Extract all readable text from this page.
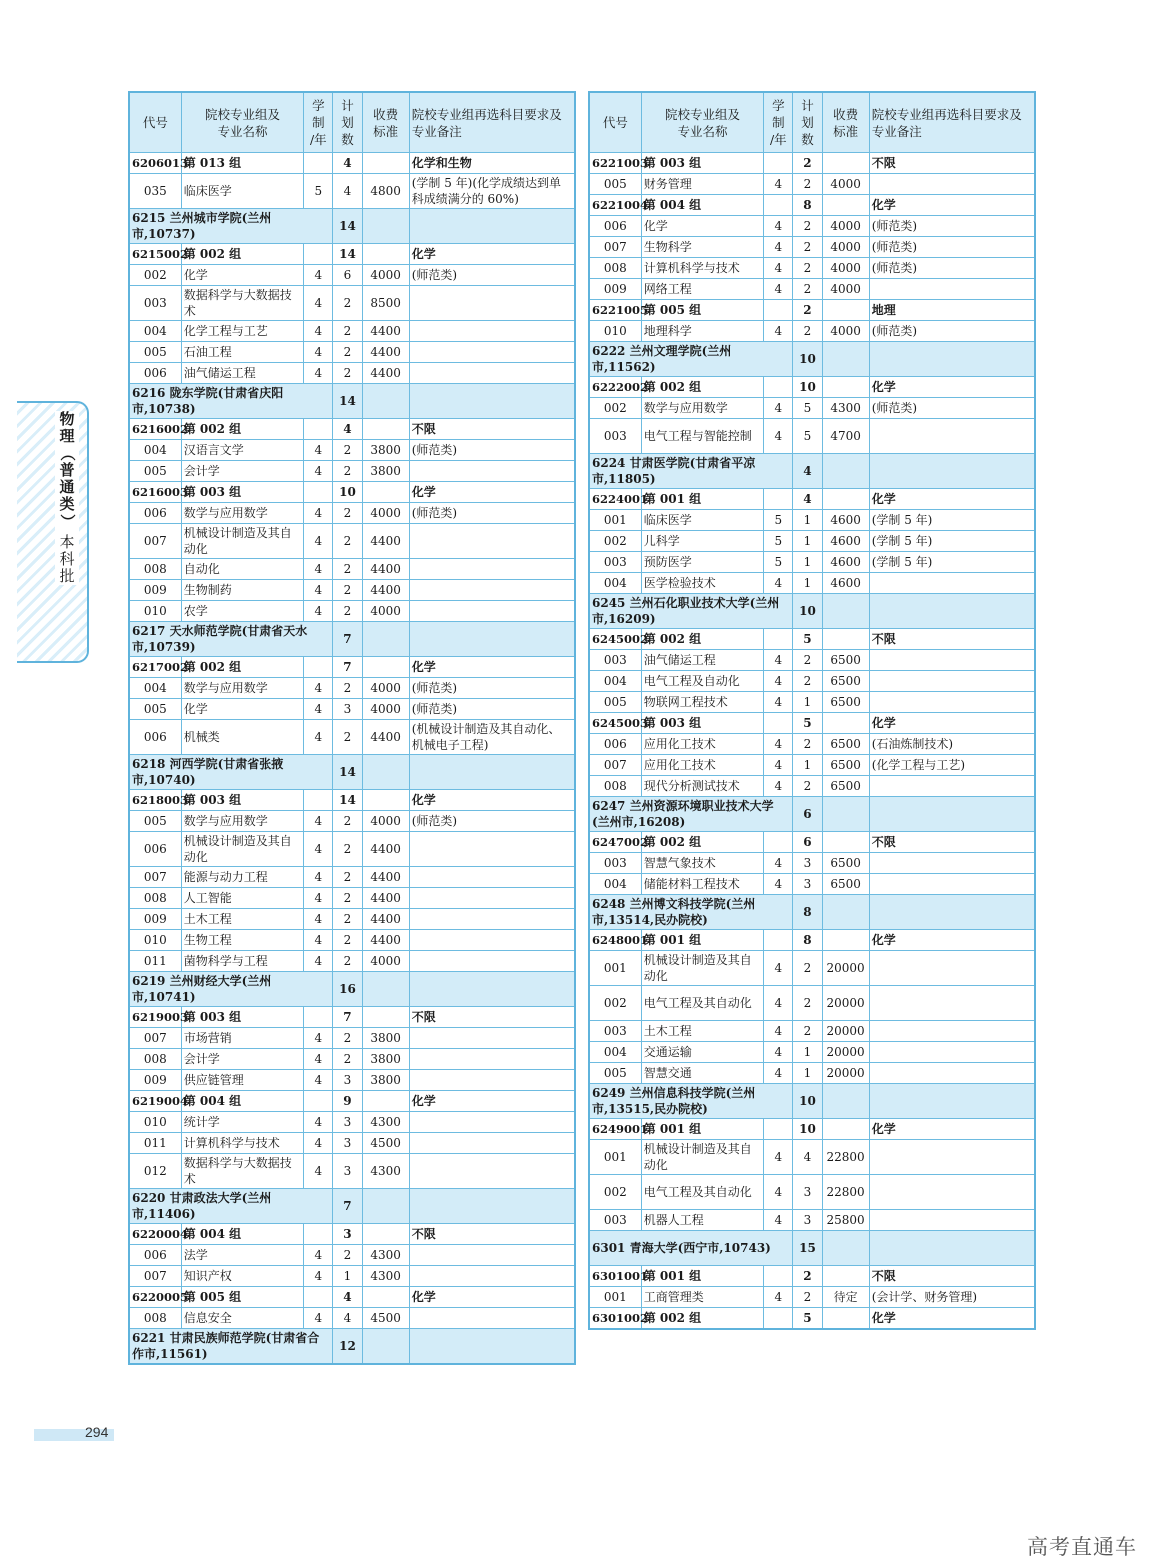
代号	院校专业组及
专业名称	学
制
/年	计
划
数	收费
标准	院校专业组再选科目要求及
专业备注
6206013	第 013 组		4		化学和生物
035	临床医学	5	4	4800	(学制 5 年)(化学成绩达到单科成绩满分的 60%)
6215 兰州城市学院(兰州市,10737)			14		
6215002	第 002 组		14		化学
002	化学	4	6	4000	(师范类)
003	数据科学与大数据技术	4	2	8500	
004	化学工程与工艺	4	2	4400	
005	石油工程	4	2	4400	
006	油气储运工程	4	2	4400	
6216 陇东学院(甘肃省庆阳市,10738)			14		
6216002	第 002 组		4		不限
004	汉语言文学	4	2	3800	(师范类)
005	会计学	4	2	3800	
6216003	第 003 组		10		化学
006	数学与应用数学	4	2	4000	(师范类)
007	机械设计制造及其自动化	4	2	4400	
008	自动化	4	2	4400	
009	生物制药	4	2	4400	
010	农学	4	2	4000	
6217 天水师范学院(甘肃省天水市,10739)			7		
6217002	第 002 组		7		化学
004	数学与应用数学	4	2	4000	(师范类)
005	化学	4	3	4000	(师范类)
006	机械类	4	2	4400	(机械设计制造及其自动化、机械电子工程)
6218 河西学院(甘肃省张掖市,10740)			14		
6218003	第 003 组		14		化学
005	数学与应用数学	4	2	4000	(师范类)
006	机械设计制造及其自动化	4	2	4400	
007	能源与动力工程	4	2	4400	
008	人工智能	4	2	4400	
009	土木工程	4	2	4400	
010	生物工程	4	2	4400	
011	菌物科学与工程	4	2	4000	
6219 兰州财经大学(兰州市,10741)			16		
6219003	第 003 组		7		不限
007	市场营销	4	2	3800	
008	会计学	4	2	3800	
009	供应链管理	4	3	3800	
6219004	第 004 组		9		化学
010	统计学	4	3	4300	
011	计算机科学与技术	4	3	4500	
012	数据科学与大数据技术	4	3	4300	
6220 甘肃政法大学(兰州市,11406)			7		
6220004	第 004 组		3		不限
006	法学	4	2	4300	
007	知识产权	4	1	4300	
6220005	第 005 组		4		化学
008	信息安全	4	4	4500	
6221 甘肃民族师范学院(甘肃省合作市,11561)			12		
代号	院校专业组及
专业名称	学
制
/年	计
划
数	收费
标准	院校专业组再选科目要求及
专业备注
6221003	第 003 组		2		不限
005	财务管理	4	2	4000	
6221004	第 004 组		8		化学
006	化学	4	2	4000	(师范类)
007	生物科学	4	2	4000	(师范类)
008	计算机科学与技术	4	2	4000	(师范类)
009	网络工程	4	2	4000	
6221005	第 005 组		2		地理
010	地理科学	4	2	4000	(师范类)
6222 兰州文理学院(兰州市,11562)			10		
6222002	第 002 组		10		化学
002	数学与应用数学	4	5	4300	(师范类)
003	电气工程与智能控制	4	5	4700	
6224 甘肃医学院(甘肃省平凉市,11805)			4		
6224001	第 001 组		4		化学
001	临床医学	5	1	4600	(学制 5 年)
002	儿科学	5	1	4600	(学制 5 年)
003	预防医学	5	1	4600	(学制 5 年)
004	医学检验技术	4	1	4600	
6245 兰州石化职业技术大学(兰州市,16209)			10		
6245002	第 002 组		5		不限
003	油气储运工程	4	2	6500	
004	电气工程及自动化	4	2	6500	
005	物联网工程技术	4	1	6500	
6245003	第 003 组		5		化学
006	应用化工技术	4	2	6500	(石油炼制技术)
007	应用化工技术	4	1	6500	(化学工程与工艺)
008	现代分析测试技术	4	2	6500	
6247 兰州资源环境职业技术大学(兰州市,16208)			6		
6247002	第 002 组		6		不限
003	智慧气象技术	4	3	6500	
004	储能材料工程技术	4	3	6500	
6248 兰州博文科技学院(兰州市,13514,民办院校)			8		
6248001	第 001 组		8		化学
001	机械设计制造及其自动化	4	2	20000	
002	电气工程及其自动化	4	2	20000	
003	土木工程	4	2	20000	
004	交通运输	4	1	20000	
005	智慧交通	4	1	20000	
6249 兰州信息科技学院(兰州市,13515,民办院校)			10		
6249001	第 001 组		10		化学
001	机械设计制造及其自动化	4	4	22800	
002	电气工程及其自动化	4	3	22800	
003	机器人工程	4	3	25800	
6301 青海大学(西宁市,10743)			15		
6301001	第 001 组		2		不限
001	工商管理类	4	2	待定	(会计学、财务管理)
6301002	第 002 组		5		化学
物
理
（
普
通
类
）
本
科
批
294
高考直通车
